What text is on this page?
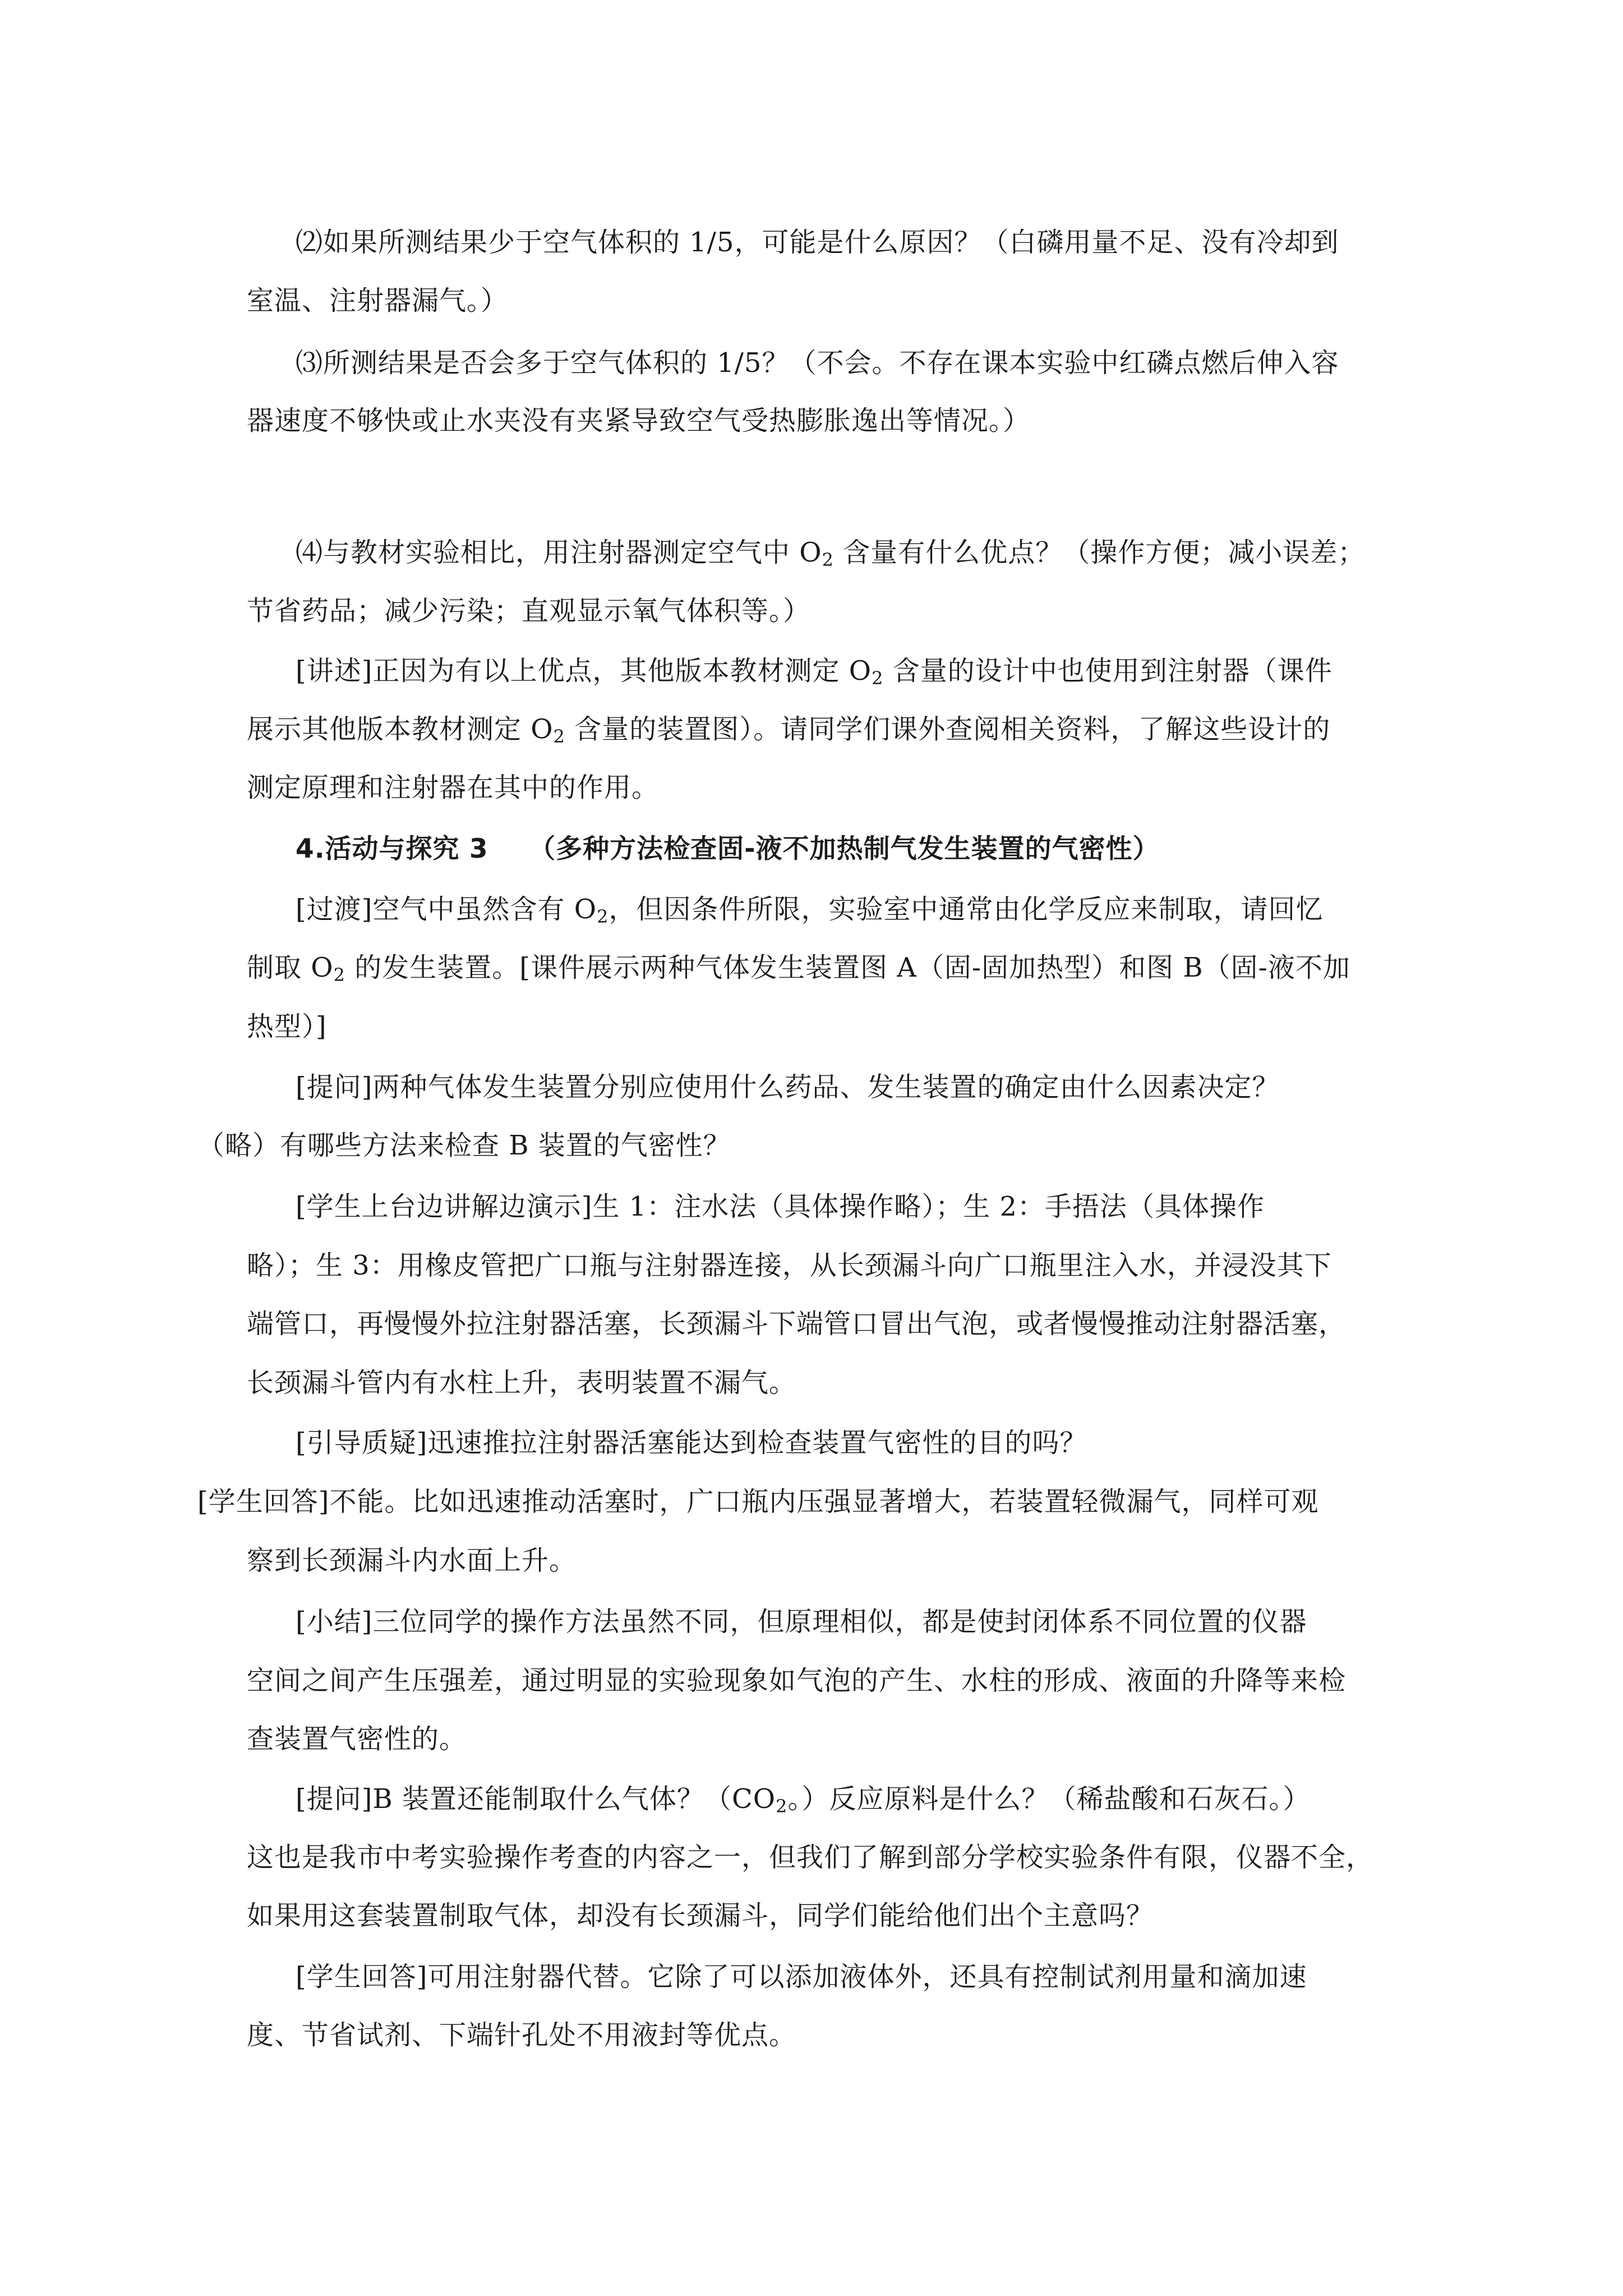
⑵如果所测结果少于空气体积的 1/5，可能是什么原因？（白磷用量不足、没有冷却到
室温、注射器漏气。）
⑶所测结果是否会多于空气体积的 1/5？（不会。不存在课本实验中红磷点燃后伸入容
器速度不够快或止水夹没有夹紧导致空气受热膨胀逸出等情况。）
⑷与教材实验相比，用注射器测定空气中 $O_2$ 含量有什么优点？（操作方便；减小误差；
节省药品；减少污染；直观显示氧气体积等。）
[讲述]正因为有以上优点，其他版本教材测定 $O_2$ 含量的设计中也使用到注射器（课件
展示其他版本教材测定 $O_2$ 含量的装置图）。请同学们课外查阅相关资料，了解这些设计的
测定原理和注射器在其中的作用。
4.活动与探究 3　　（多种方法检查固-液不加热制气发生装置的气密性）
[过渡]空气中虽然含有 $O_2$，但因条件所限，实验室中通常由化学反应来制取，请回忆
制取 $O_2$ 的发生装置。[课件展示两种气体发生装置图 A（固-固加热型）和图 B（固-液不加
热型）]
[提问]两种气体发生装置分别应使用什么药品、发生装置的确定由什么因素决定？
（略）有哪些方法来检查 B 装置的气密性？
[学生上台边讲解边演示]生 1：注水法（具体操作略）；生 2：手捂法（具体操作
略）；生 3：用橡皮管把广口瓶与注射器连接，从长颈漏斗向广口瓶里注入水，并浸没其下
端管口，再慢慢外拉注射器活塞，长颈漏斗下端管口冒出气泡，或者慢慢推动注射器活塞，
长颈漏斗管内有水柱上升，表明装置不漏气。
[引导质疑]迅速推拉注射器活塞能达到检查装置气密性的目的吗？
[学生回答]不能。比如迅速推动活塞时，广口瓶内压强显著增大，若装置轻微漏气，同样可观
察到长颈漏斗内水面上升。
[小结]三位同学的操作方法虽然不同，但原理相似，都是使封闭体系不同位置的仪器
空间之间产生压强差，通过明显的实验现象如气泡的产生、水柱的形成、液面的升降等来检
查装置气密性的。
[提问]B 装置还能制取什么气体？（$CO_2$。）反应原料是什么？（稀盐酸和石灰石。）
这也是我市中考实验操作考查的内容之一，但我们了解到部分学校实验条件有限，仪器不全，
如果用这套装置制取气体，却没有长颈漏斗，同学们能给他们出个主意吗？
[学生回答]可用注射器代替。它除了可以添加液体外，还具有控制试剂用量和滴加速
度、节省试剂、下端针孔处不用液封等优点。
